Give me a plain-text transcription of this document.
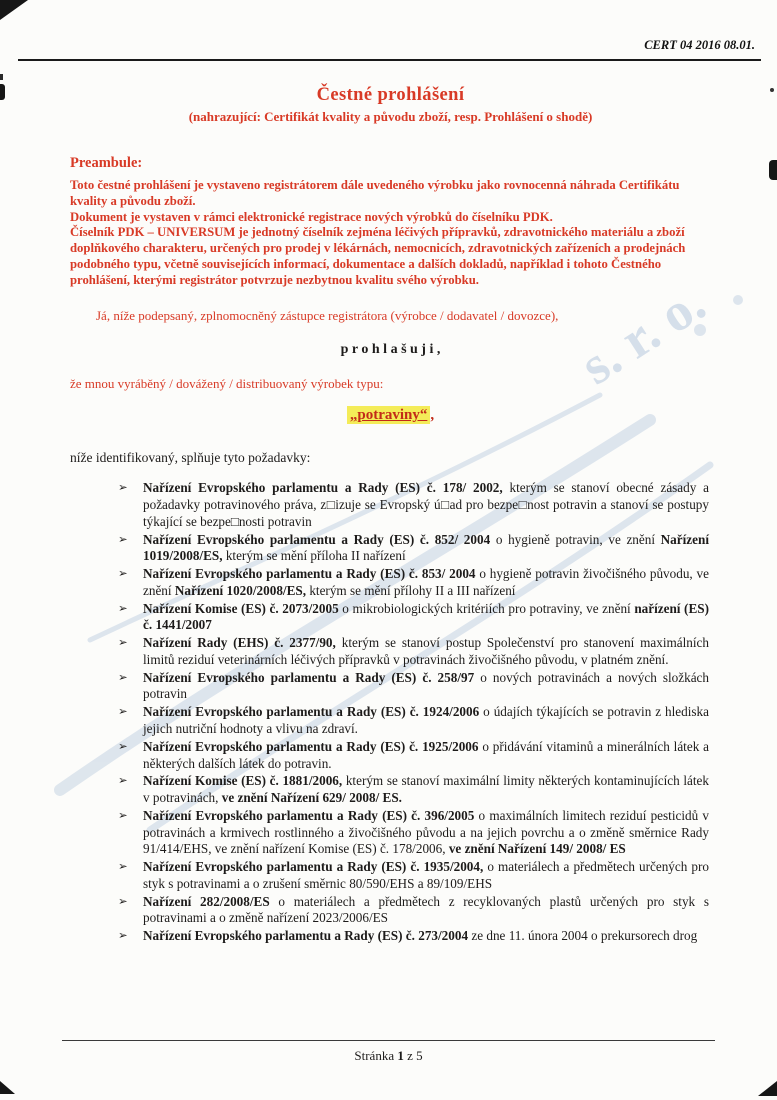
s. r. o.
CERT 04 2016 08.01.
Čestné prohlášení
(nahrazující: Certifikát kvality a původu zboží, resp. Prohlášení o shodě)
Preambule:

Toto čestné prohlášení je vystaveno registrátorem dále uvedeného výrobku jako rovnocenná náhrada Certifikátu kvality a původu zboží.

Dokument je vystaven v rámci elektronické registrace nových výrobků do číselníku PDK.

Číselník PDK – UNIVERSUM je jednotný číselník zejména léčivých přípravků, zdravotnického materiálu a zboží doplňkového charakteru, určených pro prodej v lékárnách, nemocnicích, zdravotnických zařízeních a prodejnách podobného typu, včetně souvisejících informací, dokumentace a dalších dokladů, například i tohoto Čestného prohlášení, kterými registrátor potvrzuje nezbytnou kvalitu svého výrobku.

Já, níže podepsaný, zplnomocněný zástupce registrátora (výrobce / dodavatel / dovozce),
p r o h l a š u j i ,
že mnou vyráběný / dovážený / distribuovaný výrobek typu:
„potraviny“ ,
níže identifikovaný, splňuje tyto požadavky:
➢ Nařízení Evropského parlamentu a Rady (ES) č. 178/ 2002, kterým se stanoví obecné zásady a požadavky potravinového práva, z□izuje se Evropský ú□ad pro bezpe□nost potravin a stanoví se postupy týkající se bezpe□nosti potravin
➢ Nařízení Evropského parlamentu a Rady (ES) č. 852/ 2004 o hygieně potravin, ve znění Nařízení 1019/2008/ES, kterým se mění příloha II nařízení
➢ Nařízení Evropského parlamentu a Rady (ES) č. 853/ 2004 o hygieně potravin živočišného původu, ve znění Nařízení 1020/2008/ES, kterým se mění přílohy II a III nařízení
➢ Nařízení Komise (ES) č. 2073/2005 o mikrobiologických kritériích pro potraviny, ve znění nařízení (ES) č. 1441/2007
➢ Nařízení Rady (EHS) č. 2377/90, kterým se stanoví postup Společenství pro stanovení maximálních limitů reziduí veterinárních léčivých přípravků v potravinách živočišného původu, v platném znění.
➢ Nařízení Evropského parlamentu a Rady (ES) č. 258/97 o nových potravinách a nových složkách potravin
➢ Nařízení Evropského parlamentu a Rady (ES) č. 1924/2006 o údajích týkajících se potravin z hlediska jejich nutriční hodnoty a vlivu na zdraví.
➢ Nařízení Evropského parlamentu a Rady (ES) č. 1925/2006 o přidávání vitaminů a minerálních látek a některých dalších látek do potravin.
➢ Nařízení Komise (ES) č. 1881/2006, kterým se stanoví maximální limity některých kontaminujících látek v potravinách, ve znění Nařízení 629/ 2008/ ES.
➢ Nařízení Evropského parlamentu a Rady (ES) č. 396/2005 o maximálních limitech reziduí pesticidů v potravinách a krmivech rostlinného a živočišného původu a na jejich povrchu a o změně směrnice Rady 91/414/EHS, ve znění nařízení Komise (ES) č. 178/2006, ve znění Nařízení 149/ 2008/ ES
➢ Nařízení Evropského parlamentu a Rady (ES) č. 1935/2004, o materiálech a předmětech určených pro styk s potravinami a o zrušení směrnic 80/590/EHS a 89/109/EHS
➢ Nařízení 282/2008/ES o materiálech a předmětech z recyklovaných plastů určených pro styk s potravinami a o změně nařízení 2023/2006/ES
➢ Nařízení Evropského parlamentu a Rady (ES) č. 273/2004 ze dne 11. února 2004 o prekursorech drog
Stránka 1 z 5
